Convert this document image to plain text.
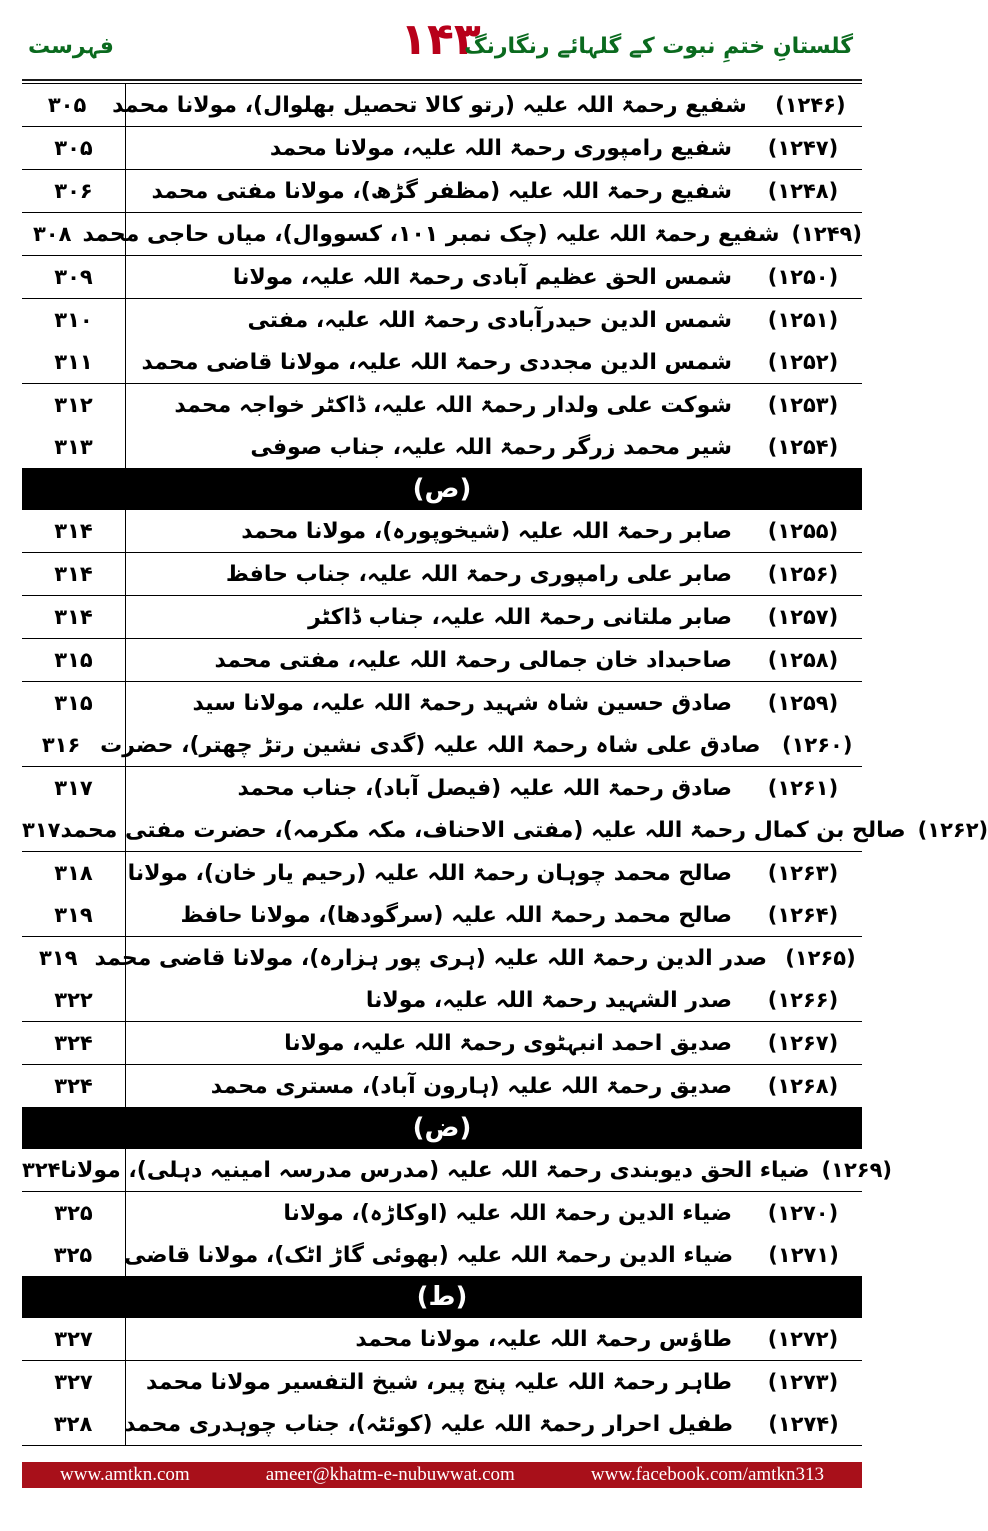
فہرست	۱۴۳
گلستانِ ختمِ نبوت کے گلہائے رنگارنگ
۳۰۵	شفیع رحمۃ اللہ علیہ (رتو کالا تحصیل بھلوال)، مولانا محمد	(۱۲۴۶)
۳۰۵	شفیع رامپوری رحمۃ اللہ علیہ، مولانا محمد	(۱۲۴۷)
۳۰۶	شفیع رحمۃ اللہ علیہ (مظفر گڑھ)، مولانا مفتی محمد	(۱۲۴۸)
۳۰۸ شفیع رحمۃ اللہ علیہ (چک نمبر ۱۰۱، کسووال)، میاں حاجی محمد (۱۲۴۹)
۳۰۹	شمس الحق عظیم آبادی رحمۃ اللہ علیہ، مولانا	(۱۲۵۰)
۳۱۰	شمس الدین حیدرآبادی رحمۃ اللہ علیہ، مفتی	(۱۲۵۱)
۳۱۱	شمس الدین مجددی رحمۃ اللہ علیہ، مولانا قاضی محمد	(۱۲۵۲)
۳۱۲	شوکت علی ولدار رحمۃ اللہ علیہ، ڈاکٹر خواجہ محمد	(۱۲۵۳)
۳۱۳	شیر محمد زرگر رحمۃ اللہ علیہ، جناب صوفی	(۱۲۵۴)
(ص)
۳۱۴	صابر رحمۃ اللہ علیہ (شیخوپورہ)، مولانا محمد	(۱۲۵۵)
۳۱۴	صابر علی رامپوری رحمۃ اللہ علیہ، جناب حافظ	(۱۲۵۶)
۳۱۴	صابر ملتانی رحمۃ اللہ علیہ، جناب ڈاکٹر	(۱۲۵۷)
۳۱۵	صاحبداد خان جمالی رحمۃ اللہ علیہ، مفتی محمد	(۱۲۵۸)
۳۱۵	صادق حسین شاہ شہید رحمۃ اللہ علیہ، مولانا سید	(۱۲۵۹)
۳۱۶ صادق علی شاہ رحمۃ اللہ علیہ (گدی نشین رتڑ چھتر)، حضرت	(۱۲۶۰)
۳۱۷	صادق رحمۃ اللہ علیہ (فیصل آباد)، جناب محمد	(۱۲۶۱)
۳۱۷ صالح بن کمال رحمۃ اللہ علیہ (مفتی الاحناف، مکہ مکرمہ)، حضرت مفتی محمد (۱۲۶۲)
۳۱۸	صالح محمد چوہان رحمۃ اللہ علیہ (رحیم یار خان)، مولانا	(۱۲۶۳)
۳۱۹	صالح محمد رحمۃ اللہ علیہ (سرگودھا)، مولانا حافظ	(۱۲۶۴)
۳۱۹ صدر الدین رحمۃ اللہ علیہ (ہری پور ہزارہ)، مولانا قاضی محمد (۱۲۶۵)
۳۲۲	صدر الشہید رحمۃ اللہ علیہ، مولانا	(۱۲۶۶)
۳۲۴	صدیق احمد انبہٹوی رحمۃ اللہ علیہ، مولانا	(۱۲۶۷)
۳۲۴	صدیق رحمۃ اللہ علیہ (ہارون آباد)، مستری محمد	(۱۲۶۸)
(ض)
۳۲۴ ضیاء الحق دیوبندی رحمۃ اللہ علیہ (مدرس مدرسہ امینیہ دہلی)، مولانا (۱۲۶۹)
۳۲۵	ضیاء الدین رحمۃ اللہ علیہ (اوکاڑہ)، مولانا	(۱۲۷۰)
۳۲۵	ضیاء الدین رحمۃ اللہ علیہ (بھوئی گاڑ اٹک)، مولانا قاضی	(۱۲۷۱)
(ط)
۳۲۷	طاؤس رحمۃ اللہ علیہ، مولانا محمد	(۱۲۷۲)
۳۲۷	طاہر رحمۃ اللہ علیہ پنج پیر، شیخ التفسیر مولانا محمد	(۱۲۷۳)
۳۲۸	طفیل احرار رحمۃ اللہ علیہ (کوئٹہ)، جناب چوہدری محمد	(۱۲۷۴)
www.amtkn.com	ameer@khatm-e-nubuwwat.com	www.facebook.com/amtkn313
